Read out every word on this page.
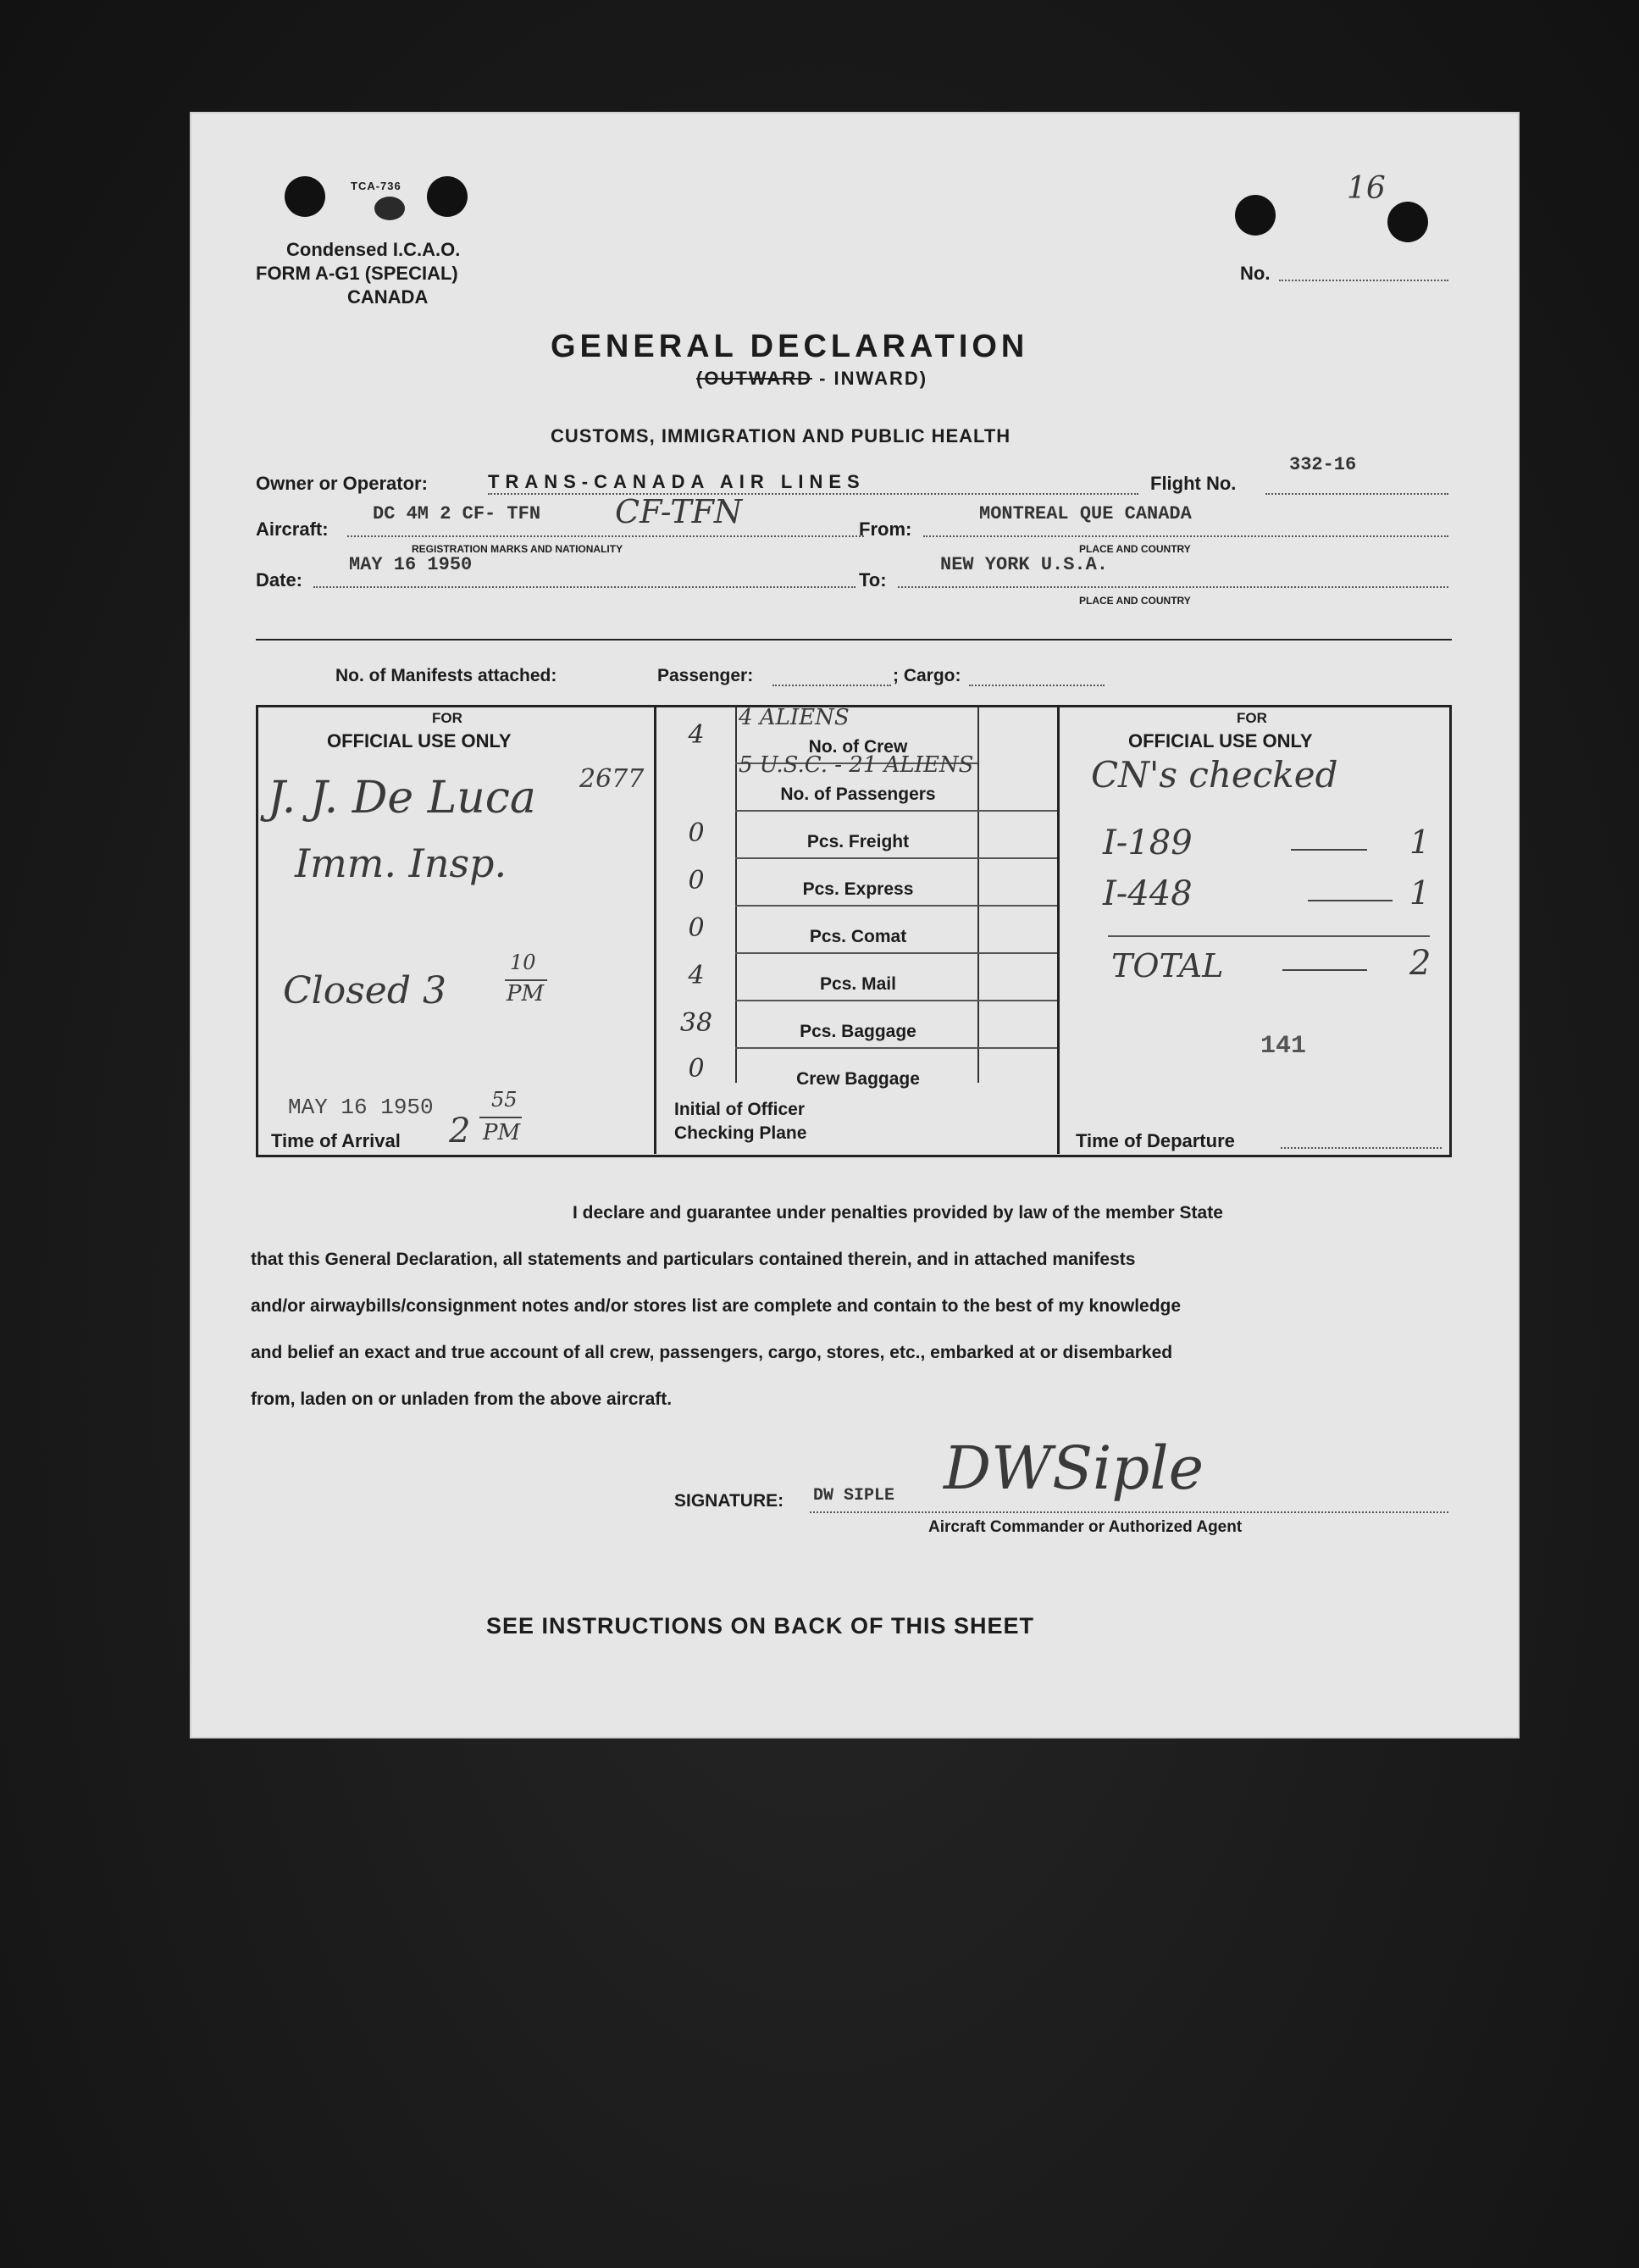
TCA-736
Condensed I.C.A.O.
FORM A-G1 (SPECIAL)
CANADA
16
No.
GENERAL DECLARATION
(OUTWARD - INWARD)
CUSTOMS, IMMIGRATION AND PUBLIC HEALTH
Owner or Operator:	TRANS-CANADA AIR LINES	Flight No.
332-16
Aircraft:
DC 4M 2 CF- TFN CF-TFN
REGISTRATION MARKS AND NATIONALITY
From:
MONTREAL QUE CANADA
PLACE AND COUNTRY
Date:
MAY 16 1950
To:
NEW YORK U.S.A.
PLACE AND COUNTRY
No. of Manifests attached:	Passenger:	; Cargo:
FOR
OFFICIAL USE ONLY
J. J. De Luca 2677
Imm. Insp.
Closed 3
10
PM
MAY 16 1950
Time of Arrival 2
55
PM
4 ALIENS
5 U.S.C. - 21 ALIENS
4	No. of Crew
No. of Passengers
0	Pcs. Freight
0	Pcs. Express
0	Pcs. Comat
4	Pcs. Mail
38	Pcs. Baggage
0	Crew Baggage
Initial of Officer
Checking Plane
FOR
OFFICIAL USE ONLY
CN's checked
I-189	1
I-448	1
TOTAL	2
141
Time of Departure
I declare and guarantee under penalties provided by law of the member State
that this General Declaration, all statements and particulars contained therein, and in attached manifests
and/or airwaybills/consignment notes and/or stores list are complete and contain to the best of my knowledge
and belief an exact and true account of all crew, passengers, cargo, stores, etc., embarked at or disembarked
from, laden on or unladen from the above aircraft.
SIGNATURE: DW SIPLE DWSiple
Aircraft Commander or Authorized Agent
SEE INSTRUCTIONS ON BACK OF THIS SHEET
